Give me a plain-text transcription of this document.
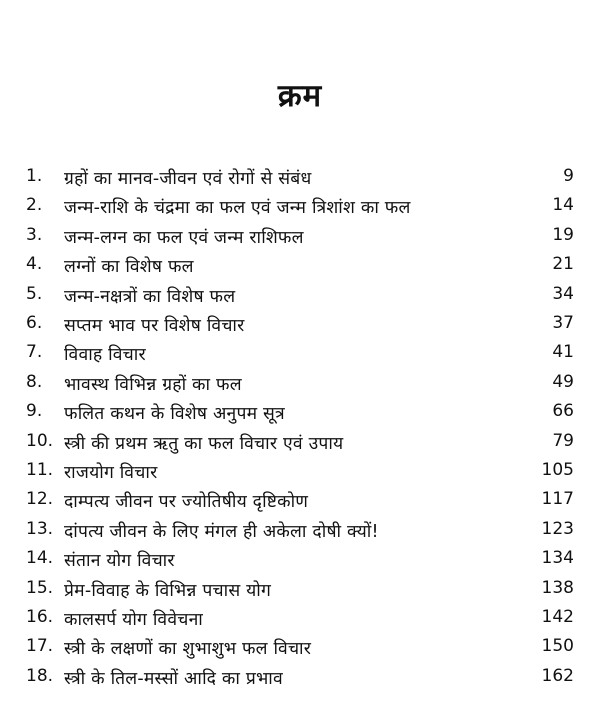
क्रम
1.	ग्रहों का मानव-जीवन एवं रोगों से संबंध	9
2.	जन्म-राशि के चंद्रमा का फल एवं जन्म त्रिशांश का फल	14
3.	जन्म-लग्न का फल एवं जन्म राशिफल	19
4.	लग्नों का विशेष फल	21
5.	जन्म-नक्षत्रों का विशेष फल	34
6.	सप्तम भाव पर विशेष विचार	37
7.	विवाह विचार	41
8.	भावस्थ विभिन्न ग्रहों का फल	49
9.	फलित कथन के विशेष अनुपम सूत्र	66
10. स्त्री की प्रथम ऋतु का फल विचार एवं उपाय	79
11. राजयोग विचार	105
12. दाम्पत्य जीवन पर ज्योतिषीय दृष्टिकोण	117
13. दांपत्य जीवन के लिए मंगल ही अकेला दोषी क्यों!	123
14. संतान योग विचार	134
15. प्रेम-विवाह के विभिन्न पचास योग	138
16. कालसर्प योग विवेचना	142
17. स्त्री के लक्षणों का शुभाशुभ फल विचार	150
18. स्त्री के तिल-मस्सों आदि का प्रभाव	162
